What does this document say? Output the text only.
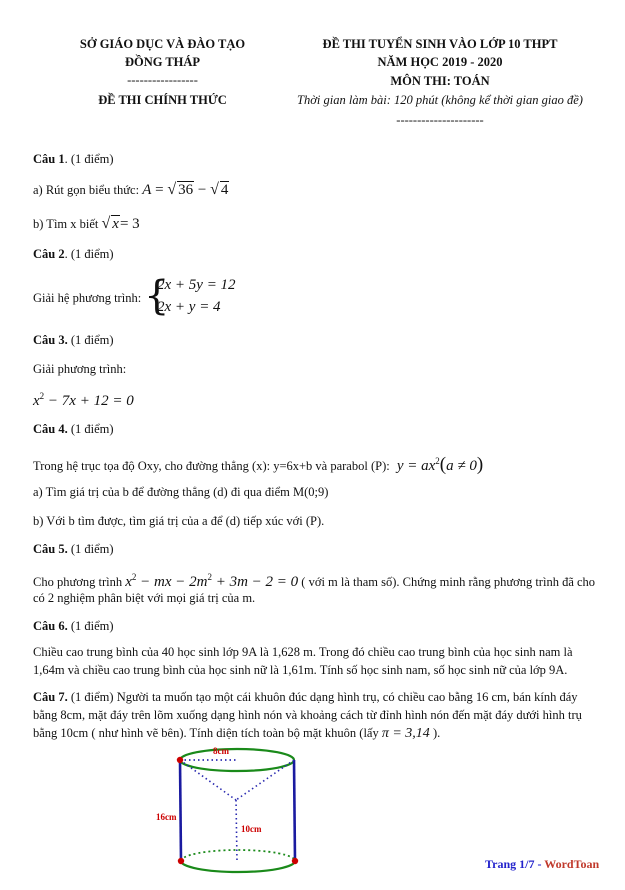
SỞ GIÁO DỤC VÀ ĐÀO TẠO
ĐỒNG THÁP
-----------------
ĐỀ THI CHÍNH THỨC
ĐỀ THI TUYỂN SINH VÀO LỚP 10 THPT
NĂM HỌC 2019 - 2020
MÔN THI: TOÁN
Thời gian làm bài: 120 phút (không kể thời gian giao đề)
---------------------
Câu 1. (1 điểm)
a) Rút gọn biểu thức: A = √ 36 − √ 4
b) Tìm x biết √ x= 3
Câu 2. (1 điểm)
Giải hệ phương trình: {
2x + 5y = 12
2x + y = 4
Câu 3. (1 điểm)
Giải phương trình:
$x^2 - 7x + 12 = 0$
Câu 4. (1 điểm)
Trong hệ trục tọa độ Oxy, cho đường thẳng (x): y=6x+b và parabol (P): $y = ax^2(a \ne 0)$
a) Tìm giá trị của b để đường thẳng (d) đi qua điểm M(0;9)
b) Với b tìm được, tìm giá trị của a để (d) tiếp xúc với (P).
Câu 5. (1 điểm)
Cho phương trình $x^2$ − mx − $2m^2 + 3m - 2 = 0$ ( với m là tham số). Chứng minh rằng phương trình đã cho
có 2 nghiệm phân biệt với mọi giá trị của m.
Câu 6. (1 điểm)
Chiều cao trung bình của 40 học sinh lớp 9A là 1,628 m. Trong đó chiều cao trung bình của học sinh nam là
1,64m và chiều cao trung bình của học sinh nữ là 1,61m. Tính số học sinh nam, số học sinh nữ của lớp 9A.
Câu 7. (1 điểm) Người ta muốn tạo một cái khuôn đúc dạng hình trụ, có chiều cao bằng 16 cm, bán kính đáy
bằng 8cm, mặt đáy trên lõm xuống dạng hình nón và khoảng cách từ đỉnh hình nón đến mặt đáy dưới hình trụ
bằng 10cm ( như hình vẽ bên). Tính diện tích toàn bộ mặt khuôn (lấy π = 3,14 ).
8cm
16cm
10cm
Trang 1/7 - WordToan
